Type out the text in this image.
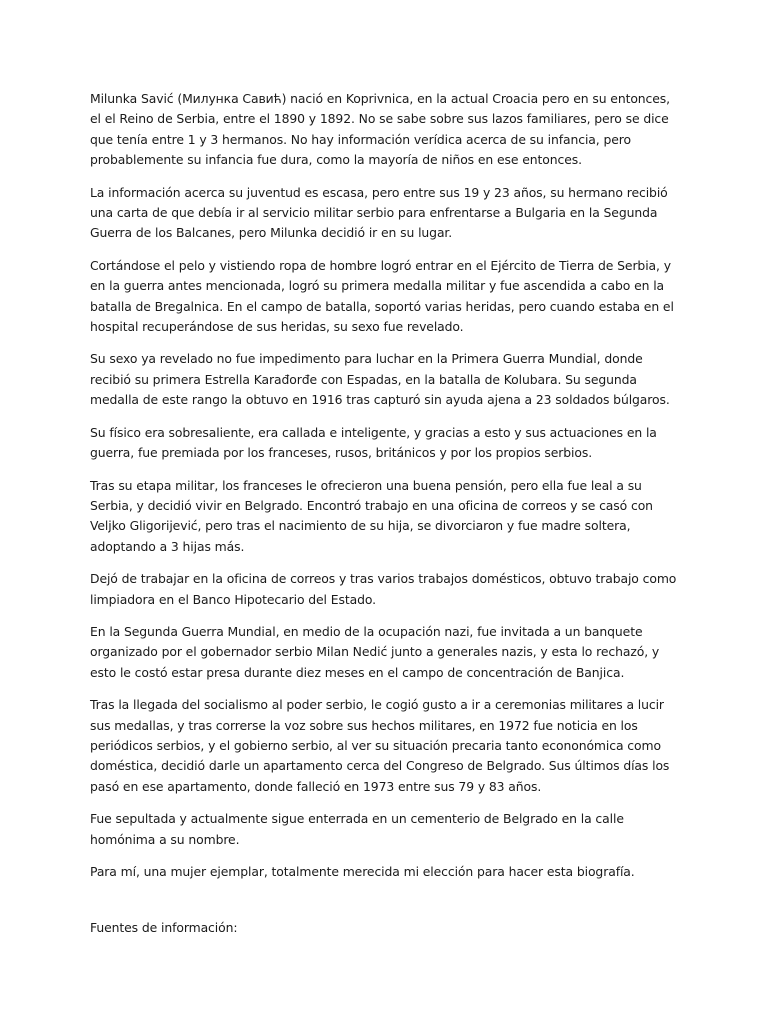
Milunka Savić (Милунка Савић) nació en Koprivnica, en la actual Croacia pero en su entonces, el el Reino de Serbia, entre el 1890 y 1892. No se sabe sobre sus lazos familiares, pero se dice que tenía entre 1 y 3 hermanos. No hay información verídica acerca de su infancia, pero probablemente su infancia fue dura, como la mayoría de niños en ese entonces.

La información acerca su juventud es escasa, pero entre sus 19 y 23 años, su hermano recibió una carta de que debía ir al servicio militar serbio para enfrentarse a Bulgaria en la Segunda Guerra de los Balcanes, pero Milunka decidió ir en su lugar.

Cortándose el pelo y vistiendo ropa de hombre logró entrar en el Ejército de Tierra de Serbia, y en la guerra antes mencionada, logró su primera medalla militar y fue ascendida a cabo en la batalla de Bregalnica. En el campo de batalla, soportó varias heridas, pero cuando estaba en el hospital recuperándose de sus heridas, su sexo fue revelado.

Su sexo ya revelado no fue impedimento para luchar en la Primera Guerra Mundial, donde recibió su primera Estrella Karađorđe con Espadas, en la batalla de Kolubara. Su segunda medalla de este rango la obtuvo en 1916 tras capturó sin ayuda ajena a 23 soldados búlgaros.

Su físico era sobresaliente, era callada e inteligente, y gracias a esto y sus actuaciones en la guerra, fue premiada por los franceses, rusos, británicos y por los propios serbios.

Tras su etapa militar, los franceses le ofrecieron una buena pensión, pero ella fue leal a su Serbia, y decidió vivir en Belgrado. Encontró trabajo en una oficina de correos y se casó con Veljko Gligorijević, pero tras el nacimiento de su hija, se divorciaron y fue madre soltera, adoptando a 3 hijas más.

Dejó de trabajar en la oficina de correos y tras varios trabajos domésticos, obtuvo trabajo como limpiadora en el Banco Hipotecario del Estado.

En la Segunda Guerra Mundial, en medio de la ocupación nazi, fue invitada a un banquete organizado por el gobernador serbio Milan Nedić junto a generales nazis, y esta lo rechazó, y esto le costó estar presa durante diez meses en el campo de concentración de Banjica.

Tras la llegada del socialismo al poder serbio, le cogió gusto a ir a ceremonias militares a lucir sus medallas, y tras correrse la voz sobre sus hechos militares, en 1972 fue noticia en los periódicos serbios, y el gobierno serbio, al ver su situación precaria tanto econonómica como doméstica, decidió darle un apartamento cerca del Congreso de Belgrado. Sus últimos días los pasó en ese apartamento, donde falleció en 1973 entre sus 79 y 83 años.

Fue sepultada y actualmente sigue enterrada en un cementerio de Belgrado en la calle homónima a su nombre.

Para mí, una mujer ejemplar, totalmente merecida mi elección para hacer esta biografía.

Fuentes de información:
